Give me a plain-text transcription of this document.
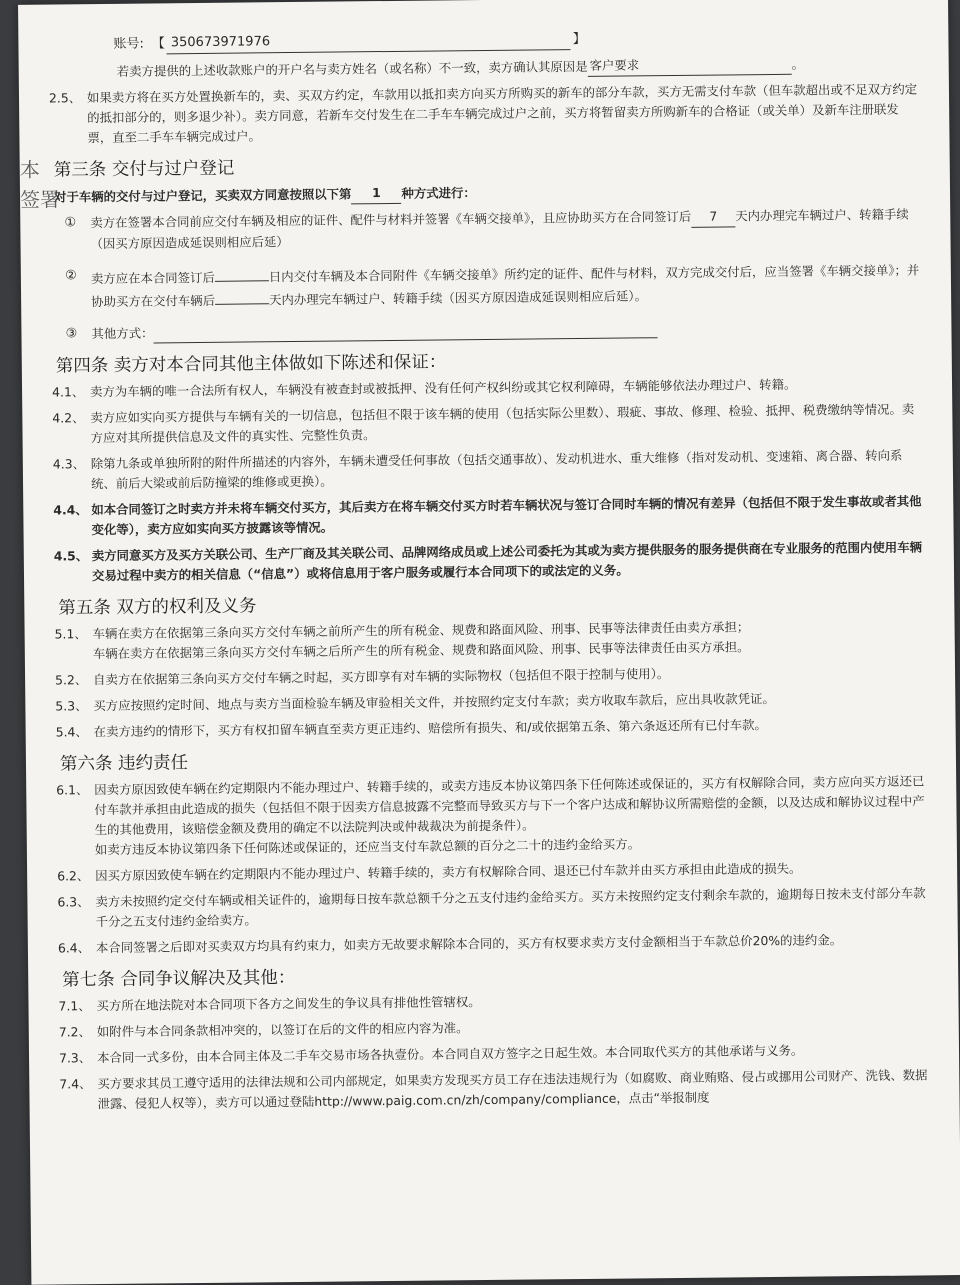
本
签署
账号: 【 350673971976	】
若卖方提供的上述收款账户的开户名与卖方姓名（或名称）不一致，卖方确认其原因是 客户要求	。
2.5、 如果卖方将在买方处置换新车的，卖、买双方约定，车款用以抵扣卖方向买方所购买的新车的部分车款，买方无需支付车款（但车款超出或不足双方约定的抵扣部分的，则多退少补）。卖方同意，若新车交付发生在二手车车辆完成过户之前，买方将暂留卖方所购新车的合格证（或关单）及新车注册联发票，直至二手车车辆完成过户。
第三条 交付与过户登记
对于车辆的交付与过户登记，买卖双方同意按照以下第	1	种方式进行：
①	卖方在签署本合同前应交付车辆及相应的证件、配件与材料并签署《车辆交接单》，且应协助买方在合同签订后 7 天内办理完车辆过户、转籍手续（因买方原因造成延误则相应后延）
②	卖方应在本合同签订后	日内交付车辆及本合同附件《车辆交接单》所约定的证件、配件与材料，双方完成交付后，应当签署《车辆交接单》；并协助买方在交付车辆后	天内办理完车辆过户、转籍手续（因买方原因造成延误则相应后延）。
③	其他方式：
第四条 卖方对本合同其他主体做如下陈述和保证：
4.1、 卖方为车辆的唯一合法所有权人，车辆没有被查封或被抵押、没有任何产权纠纷或其它权利障碍，车辆能够依法办理过户、转籍。
4.2、 卖方应如实向买方提供与车辆有关的一切信息，包括但不限于该车辆的使用（包括实际公里数）、瑕疵、事故、修理、检验、抵押、税费缴纳等情况。卖方应对其所提供信息及文件的真实性、完整性负责。
4.3、 除第九条或单独所附的附件所描述的内容外，车辆未遭受任何事故（包括交通事故）、发动机进水、重大维修（指对发动机、变速箱、离合器、转向系统、前后大梁或前后防撞梁的维修或更换）。
4.4、 如本合同签订之时卖方并未将车辆交付买方，其后卖方在将车辆交付买方时若车辆状况与签订合同时车辆的情况有差异（包括但不限于发生事故或者其他变化等），卖方应如实向买方披露该等情况。
4.5、 卖方同意买方及买方关联公司、生产厂商及其关联公司、品牌网络成员或上述公司委托为其或为卖方提供服务的服务提供商在专业服务的范围内使用车辆交易过程中卖方的相关信息（“信息”）或将信息用于客户服务或履行本合同项下的或法定的义务。
第五条 双方的权利及义务
5.1、 车辆在卖方在依据第三条向买方交付车辆之前所产生的所有税金、规费和路面风险、刑事、民事等法律责任由卖方承担；
车辆在卖方在依据第三条向买方交付车辆之后所产生的所有税金、规费和路面风险、刑事、民事等法律责任由买方承担。
5.2、 自卖方在依据第三条向买方交付车辆之时起，买方即享有对车辆的实际物权（包括但不限于控制与使用）。
5.3、 买方应按照约定时间、地点与卖方当面检验车辆及审验相关文件，并按照约定支付车款；卖方收取车款后，应出具收款凭证。
5.4、 在卖方违约的情形下，买方有权扣留车辆直至卖方更正违约、赔偿所有损失、和/或依据第五条、第六条返还所有已付车款。
第六条 违约责任
6.1、 因卖方原因致使车辆在约定期限内不能办理过户、转籍手续的，或卖方违反本协议第四条下任何陈述或保证的，买方有权解除合同，卖方应向买方返还已付车款并承担由此造成的损失（包括但不限于因卖方信息披露不完整而导致买方与下一个客户达成和解协议所需赔偿的金额，以及达成和解协议过程中产生的其他费用，该赔偿金额及费用的确定不以法院判决或仲裁裁决为前提条件）。
如卖方违反本协议第四条下任何陈述或保证的，还应当支付车款总额的百分之二十的违约金给买方。
6.2、 因买方原因致使车辆在约定期限内不能办理过户、转籍手续的，卖方有权解除合同、退还已付车款并由买方承担由此造成的损失。
6.3、 卖方未按照约定交付车辆或相关证件的，逾期每日按车款总额千分之五支付违约金给买方。买方未按照约定支付剩余车款的，逾期每日按未支付部分车款千分之五支付违约金给卖方。
6.4、 本合同签署之后即对买卖双方均具有约束力，如卖方无故要求解除本合同的，买方有权要求卖方支付金额相当于车款总价20%的违约金。
第七条 合同争议解决及其他：
7.1、 买方所在地法院对本合同项下各方之间发生的争议具有排他性管辖权。
7.2、 如附件与本合同条款相冲突的，以签订在后的文件的相应内容为准。
7.3、 本合同一式多份，由本合同主体及二手车交易市场各执壹份。本合同自双方签字之日起生效。本合同取代买方的其他承诺与义务。
7.4、 买方要求其员工遵守适用的法律法规和公司内部规定，如果卖方发现买方员工存在违法违规行为（如腐败、商业贿赂、侵占或挪用公司财产、洗钱、数据泄露、侵犯人权等），卖方可以通过登陆http://www.paig.com.cn/zh/company/compliance，点击“举报制度
